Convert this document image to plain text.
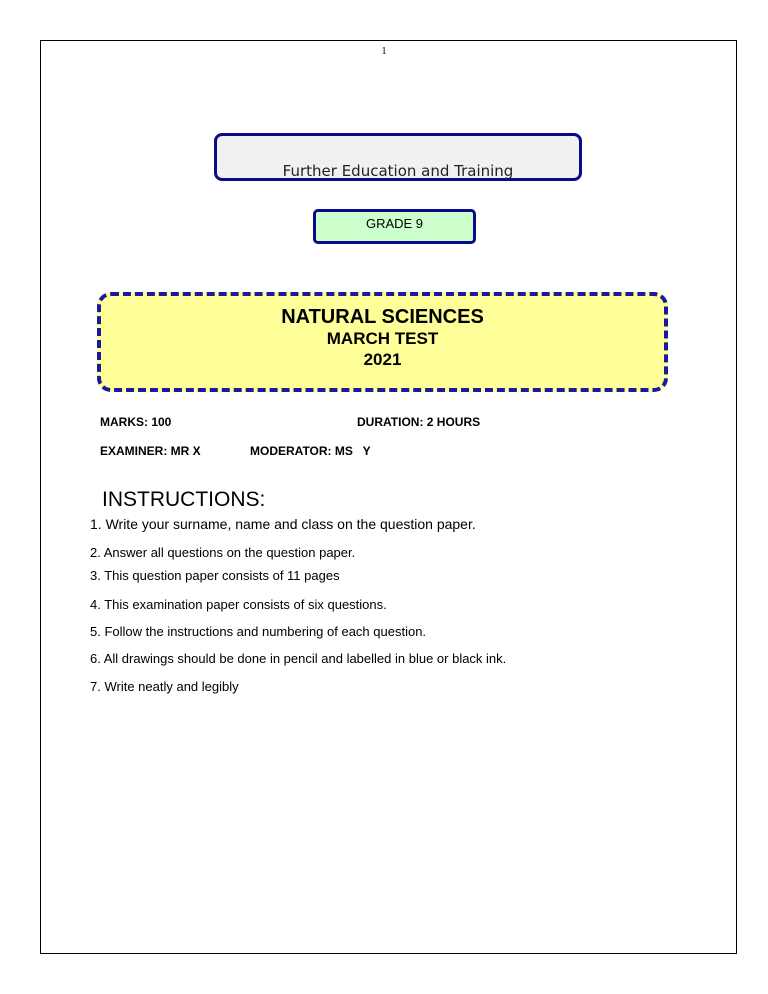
1
Further Education and Training
GRADE 9
NATURAL SCIENCES
MARCH TEST
2021
MARKS: 100	DURATION: 2 HOURS
EXAMINER: MR X	MODERATOR: MS   Y
INSTRUCTIONS:
1. Write your surname, name and class on the question paper.
2. Answer all questions on the question paper.
3. This question paper consists of 11 pages
4. This examination paper consists of six questions.
5. Follow the instructions and numbering of each question.
6. All drawings should be done in pencil and labelled in blue or black ink.
7. Write neatly and legibly
